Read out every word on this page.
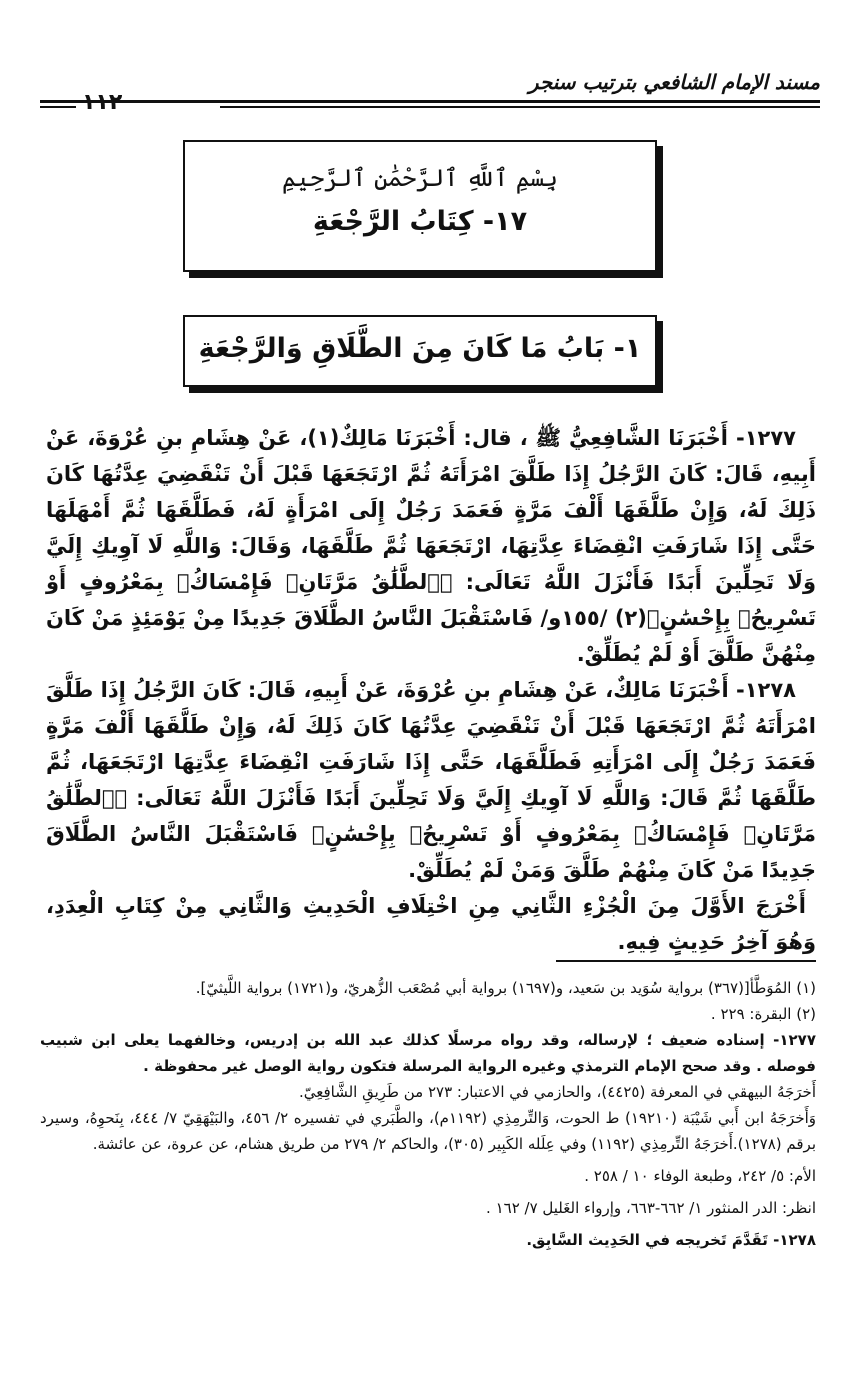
مسند الإمام الشافعي بترتيب سنجر
١١٢
بِسْمِ ٱللَّهِ ٱلرَّحْمَٰنِ ٱلرَّحِيمِ
١٧- كِتَابُ الرَّجْعَةِ
١- بَابُ مَا كَانَ مِنَ الطَّلَاقِ وَالرَّجْعَةِ

١٢٧٧- أَخْبَرَنَا الشَّافِعِيُّ ﷺ ، قال: أَخْبَرَنَا مَالِكٌ(١)، عَنْ هِشَامِ بنِ عُرْوَةَ، عَنْ أَبِيهِ، قَالَ: كَانَ الرَّجُلُ إِذَا طَلَّقَ امْرَأَتَهُ ثُمَّ ارْتَجَعَهَا قَبْلَ أَنْ تَنْقَضِيَ عِدَّتُهَا كَانَ ذَلِكَ لَهُ، وَإِنْ طَلَّقَهَا أَلْفَ مَرَّةٍ فَعَمَدَ رَجُلٌ إِلَى امْرَأَةٍ لَهُ، فَطَلَّقَهَا ثُمَّ أَمْهَلَهَا حَتَّى إِذَا شَارَفَتِ انْقِضَاءَ عِدَّتِهَا، ارْتَجَعَهَا ثُمَّ طَلَّقَهَا، وَقَالَ: وَاللَّهِ لَا آوِيكِ إِلَيَّ وَلَا تَحِلِّينَ أَبَدًا فَأَنْزَلَ اللَّهُ تَعَالَى: ﴿ٱلطَّلَٰقُ مَرَّتَانِۖ فَإِمْسَاكُۢ بِمَعْرُوفٍ أَوْ تَسْرِيحُۢ بِإِحْسَٰنٍ﴾(٢) /١٥٥و/ فَاسْتَقْبَلَ النَّاسُ الطَّلَاقَ جَدِيدًا مِنْ يَوْمَئِذٍ مَنْ كَانَ مِنْهُنَّ طَلَّقَ أَوْ لَمْ يُطَلِّقْ.

١٢٧٨- أَخْبَرَنَا مَالِكٌ، عَنْ هِشَامِ بنِ عُرْوَةَ، عَنْ أَبِيهِ، قَالَ: كَانَ الرَّجُلُ إِذَا طَلَّقَ امْرَأَتَهُ ثُمَّ ارْتَجَعَهَا قَبْلَ أَنْ تَنْقَضِيَ عِدَّتُهَا كَانَ ذَلِكَ لَهُ، وَإِنْ طَلَّقَهَا أَلْفَ مَرَّةٍ فَعَمَدَ رَجُلٌ إِلَى امْرَأَتِهِ فَطَلَّقَهَا، حَتَّى إِذَا شَارَفَتِ انْقِضَاءَ عِدَّتِهَا ارْتَجَعَهَا، ثُمَّ طَلَّقَهَا ثُمَّ قَالَ: وَاللَّهِ لَا آوِيكِ إِلَيَّ وَلَا تَحِلِّينَ أَبَدًا فَأَنْزَلَ اللَّهُ تَعَالَى: ﴿ٱلطَّلَٰقُ مَرَّتَانِۖ فَإِمْسَاكُۢ بِمَعْرُوفٍ أَوْ تَسْرِيحُۢ بِإِحْسَٰنٍ﴾ فَاسْتَقْبَلَ النَّاسُ الطَّلَاقَ جَدِيدًا مَنْ كَانَ مِنْهُمْ طَلَّقَ وَمَنْ لَمْ يُطَلِّقْ.

أَخْرَجَ الأَوَّلَ مِنَ الْجُزْءِ الثَّانِي مِنِ اخْتِلَافِ الْحَدِيثِ وَالثَّانِي مِنْ كِتَابِ الْعِدَدِ، وَهُوَ آخِرُ حَدِيثٍ فِيهِ.

(١) المُوَطَّأ[(٣٦٧) برواية سُوَيد بن سَعيد، و(١٦٩٧) برواية أبي مُصْعَب الزُّهريّ، و(١٧٢١) برواية اللَّيثيّ].
(٢) البقرة: ٢٢٩ .
١٢٧٧- إسناده ضعيف ؛ لإرساله، وقد رواه مرسلًا كذلك عبد الله بن إدريس، وخالفهما يعلى ابن شبيب فوصله . وقد صحح الإمام الترمذي وغيره الرواية المرسلة فتكون رواية الوصل غير محفوظة .
أَخرَجَهُ البيهقي في المعرفة (٤٤٢٥)، والحازمي في الاعتبار: ٢٧٣ من طَرِيقِ الشَّافِعِيّ.
وَأَخرَجَهُ ابن أَبي شَيْبَة (١٩٢١٠) ط الحوت، وَالتِّرمِذِي (١١٩٢م)، والطَّبَري في تفسيره ٢/ ٤٥٦، والبَيْهَقِيّ ٧/ ٤٤٤، بِنَحوِهُ، وسيرد برقم (١٢٧٨).أَخرَجَهُ التِّرمِذِي (١١٩٢) وفي عِلَله الكَبِير (٣٠٥)، والحاكم ٢/ ٢٧٩ من طريق هشام، عن عروة، عن عائشة.
الأم: ٥/ ٢٤٢، وطبعة الوفاء ١٠ / ٢٥٨ .
انظر: الدر المنثور ١/ ٦٦٢-٦٦٣، وإرواء الغَليل ٧/ ١٦٢ .
١٢٧٨- تَقَدَّمَ تَخريجه في الحَدِيث السَّابِق.
